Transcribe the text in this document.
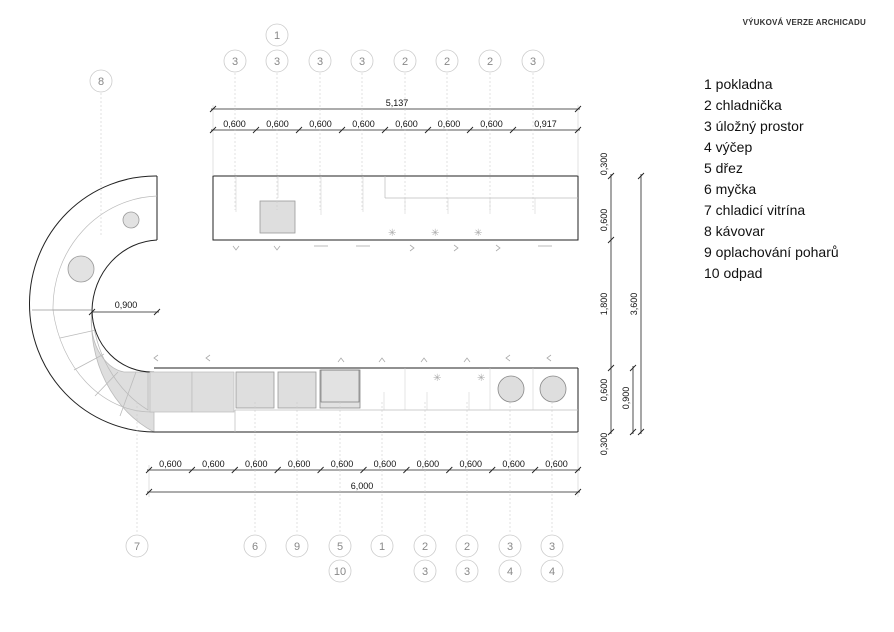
VÝUKOVÁ VERZE ARCHICADU
✳	✳	✳
✳	✳
5,137
0,600 0,600 0,600 0,600 0,600 0,600 0,600	0,917
0,600 0,600 0,600 0,600 0,600 0,600 0,600 0,600 0,600 0,600
6,000
0,900
0,300
0,600
1,800
0,600
0,300
3,600
0,900
3	3	3	3	2	2	2	3
7	6	9	5	1	2	2	3	3
10	3	3	4	4
1
8	1 pokladna
2 chladnička
3 úložný prostor
4 výčep
5 dřez
6 myčka
7 chladicí vitrína
8 kávovar
9 oplachování poharů
10 odpad
